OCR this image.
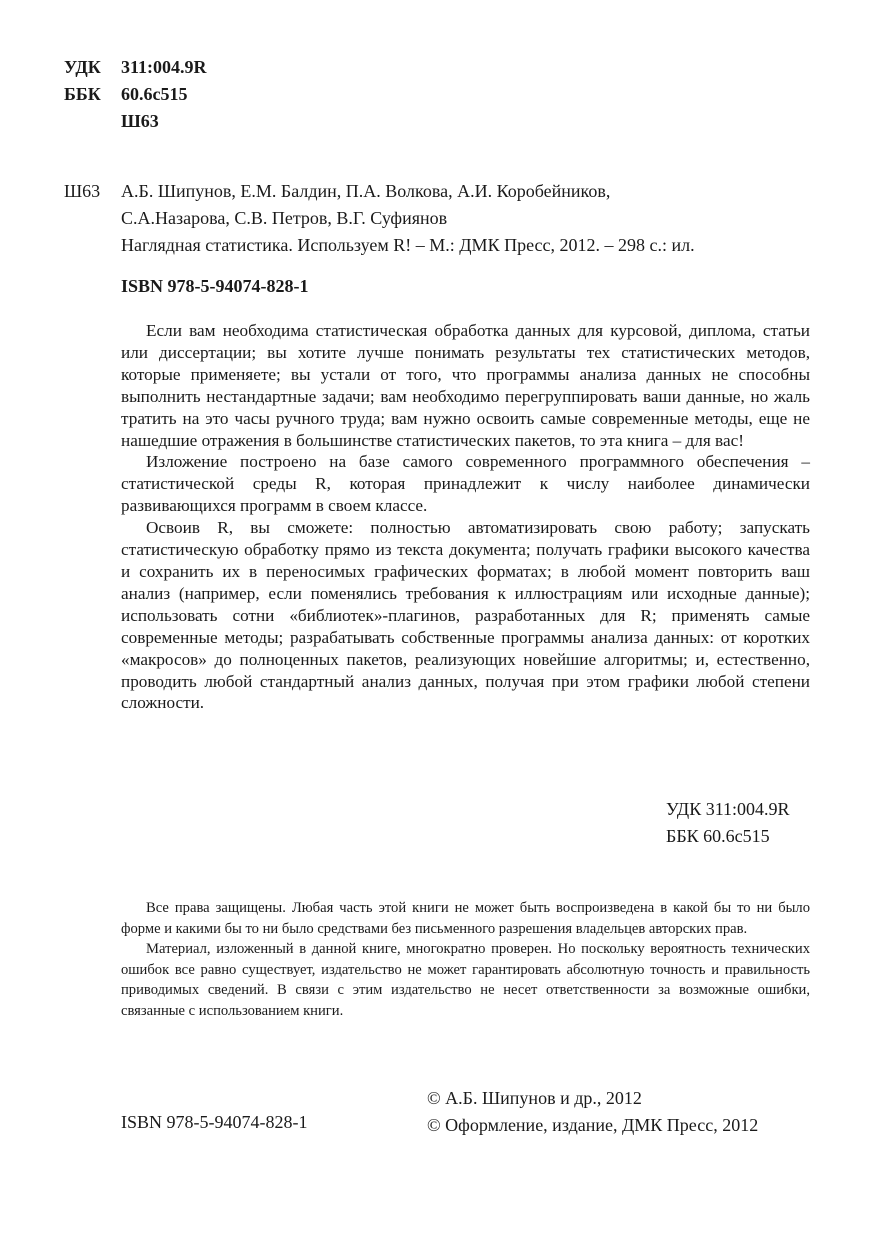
УДК	311:004.9R
ББК	60.6с515
Ш63
Ш63	А.Б. Шипунов, Е.М. Балдин, П.А. Волкова, А.И. Коробейников,
С.А.Назарова, С.В. Петров, В.Г. Суфиянов
Наглядная статистика. Используем R! – М.: ДМК Пресс, 2012. – 298 с.: ил.
ISBN 978-5-94074-828-1

Если вам необходима статистическая обработка данных для курсовой, диплома, статьи или диссертации; вы хотите лучше понимать результаты тех статистических методов, которые применяете; вы устали от того, что программы анализа данных не способны выполнить нестандартные задачи; вам необходимо перегруппировать ваши данные, но жаль тратить на это часы ручного труда; вам нужно освоить самые современные методы, еще не нашедшие отражения в большинстве статистических пакетов, то эта книга – для вас!

Изложение построено на базе самого современного программного обеспечения – статистической среды R, которая принадлежит к числу наиболее динамически развивающихся программ в своем классе.

Освоив R, вы сможете: полностью автоматизировать свою работу; запускать статистическую обработку прямо из текста документа; получать графики высокого качества и сохранить их в переносимых графических форматах; в любой момент повторить ваш анализ (например, если поменялись требования к иллюстрациям или исходные данные); использовать сотни «библиотек»-плагинов, разработанных для R; применять самые современные методы; разрабатывать собственные программы анализа данных: от коротких «макросов» до полноценных пакетов, реализующих новейшие алгоритмы; и, естественно, проводить любой стандартный анализ данных, получая при этом графики любой степени сложности.

УДК 311:004.9R
ББК 60.6с515

Все права защищены. Любая часть этой книги не может быть воспроизведена в какой бы то ни было форме и какими бы то ни было средствами без письменного разрешения владельцев авторских прав.

Материал, изложенный в данной книге, многократно проверен. Но поскольку вероятность технических ошибок все равно существует, издательство не может гарантировать абсолютную точность и правильность приводимых сведений. В связи с этим издательство не несет ответственности за возможные ошибки, связанные с использованием книги.

ISBN 978-5-94074-828-1
© А.Б. Шипунов и др., 2012
© Оформление, издание, ДМК Пресс, 2012
